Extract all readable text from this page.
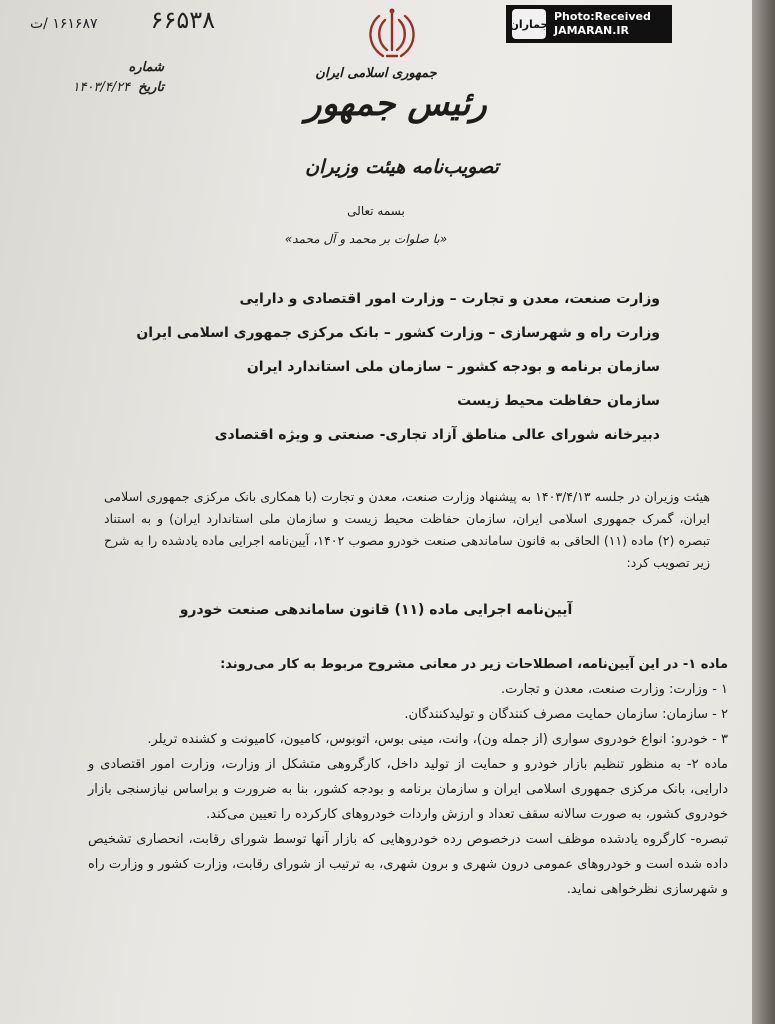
جماران
Photo:Received
JAMARAN.IR
۶۶۵۳۸
۱۶۱۶۸۷ /ت
شماره
تاریخ۱۴۰۳/۴/۲۴
جمهوری اسلامی ایران
رئیس جمهور
تصویب‌نامه هیئت وزیران
بسمه تعالی
«با صلوات بر محمد و آل محمد»
وزارت صنعت، معدن و تجارت – وزارت امور اقتصادی و دارایی
وزارت راه و شهرسازی – وزارت کشور – بانک مرکزی جمهوری اسلامی ایران
سازمان برنامه و بودجه کشور – سازمان ملی استاندارد ایران
سازمان حفاظت محیط زیست
دبیرخانه شورای عالی مناطق آزاد تجاری- صنعتی و ویژه اقتصادی
هیئت وزیران در جلسه ۱۴۰۳/۴/۱۳ به پیشنهاد وزارت صنعت، معدن و تجارت (با همکاری بانک مرکزی جمهوری اسلامی ایران، گمرک جمهوری اسلامی ایران، سازمان حفاظت محیط زیست و سازمان ملی استاندارد ایران) و به استناد تبصره (۲) ماده (۱۱) الحاقی به قانون ساماندهی صنعت خودرو مصوب ۱۴۰۲، آیین‌نامه اجرایی ماده یادشده را به شرح زیر تصویب کرد:
آیین‌نامه اجرایی ماده (۱۱) قانون ساماندهی صنعت خودرو
ماده ۱- در این آیین‌نامه، اصطلاحات زیر در معانی مشروح مربوط به کار می‌روند:
۱ - وزارت: وزارت صنعت، معدن و تجارت.
۲ - سازمان: سازمان حمایت مصرف کنندگان و تولیدکنندگان.
۳ - خودرو: انواع خودروی سواری (از جمله ون)، وانت، مینی بوس، اتوبوس، کامیون، کامیونت و کشنده تریلر.
ماده ۲- به منظور تنظیم بازار خودرو و حمایت از تولید داخل، کارگروهی متشکل از وزارت، وزارت امور اقتصادی و دارایی، بانک مرکزی جمهوری اسلامی ایران و سازمان برنامه و بودجه کشور، بنا به ضرورت و براساس نیازسنجی بازار خودروی کشور، به صورت سالانه سقف تعداد و ارزش واردات خودروهای کارکرده را تعیین می‌کند.
تبصره- کارگروه یادشده موظف است درخصوص رده خودروهایی که بازار آنها توسط شورای رقابت، انحصاری تشخیص داده شده است و خودروهای عمومی درون شهری و برون شهری، به ترتیب از شورای رقابت، وزارت کشور و وزارت راه و شهرسازی نظرخواهی نماید.
